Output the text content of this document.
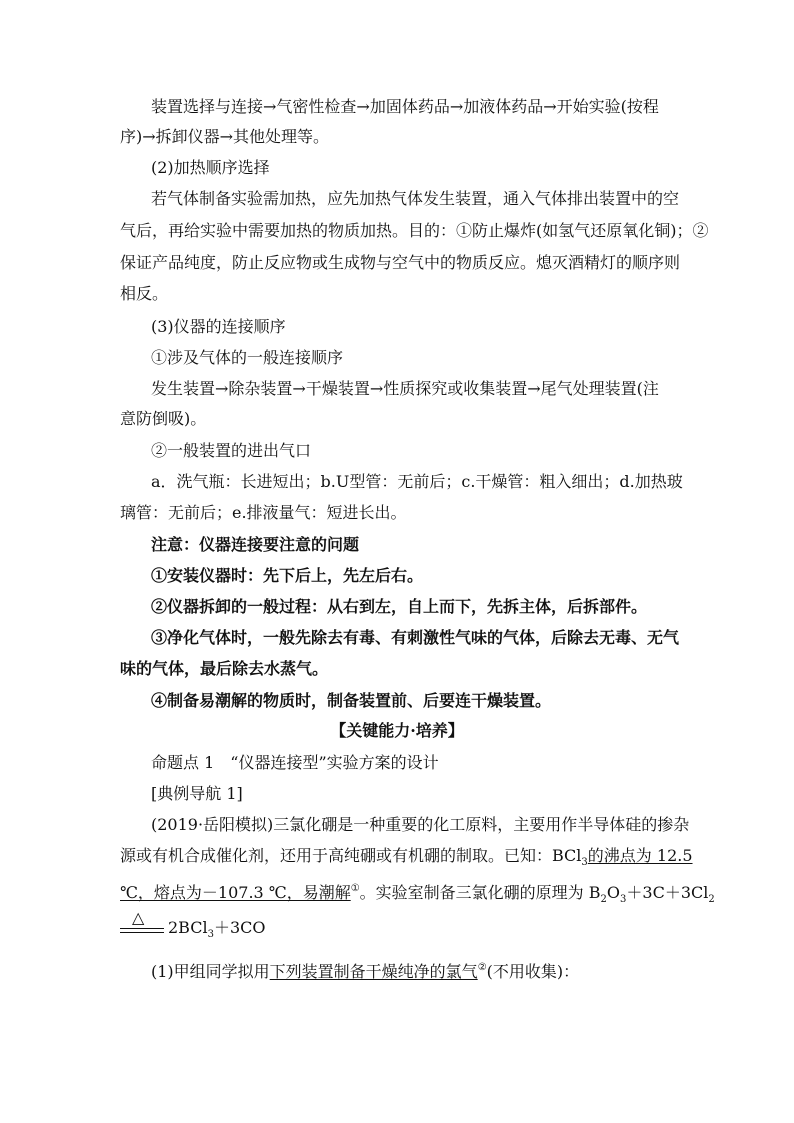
装置选择与连接→气密性检查→加固体药品→加液体药品→开始实验(按程
序)→拆卸仪器→其他处理等。
(2)加热顺序选择
若气体制备实验需加热，应先加热气体发生装置，通入气体排出装置中的空
气后，再给实验中需要加热的物质加热。目的：①防止爆炸(如氢气还原氧化铜)；②
保证产品纯度，防止反应物或生成物与空气中的物质反应。熄灭酒精灯的顺序则
相反。
(3)仪器的连接顺序
①涉及气体的一般连接顺序
发生装置→除杂装置→干燥装置→性质探究或收集装置→尾气处理装置(注
意防倒吸)。
②一般装置的进出气口
a．洗气瓶：长进短出；b.U型管：无前后；c.干燥管：粗入细出；d.加热玻
璃管：无前后；e.排液量气：短进长出。
注意：仪器连接要注意的问题
①安装仪器时：先下后上，先左后右。
②仪器拆卸的一般过程：从右到左，自上而下，先拆主体，后拆部件。
③净化气体时，一般先除去有毒、有刺激性气味的气体，后除去无毒、无气
味的气体，最后除去水蒸气。
④制备易潮解的物质时，制备装置前、后要连干燥装置。
【关键能力·培养】
命题点 1　“仪器连接型”实验方案的设计
[典例导航 1]
(2019·岳阳模拟)三氯化硼是一种重要的化工原料，主要用作半导体硅的掺杂
源或有机合成催化剂，还用于高纯硼或有机硼的制取。已知：BCl$_3$的沸点为 12.5
℃，熔点为－107.3 ℃，易潮解①。实验室制备三氯化硼的原理为 $B_2O_3+3C+3Cl_2$
△
2BCl$_3$＋3CO
(1)甲组同学拟用下列装置制备干燥纯净的氯气②(不用收集)：
